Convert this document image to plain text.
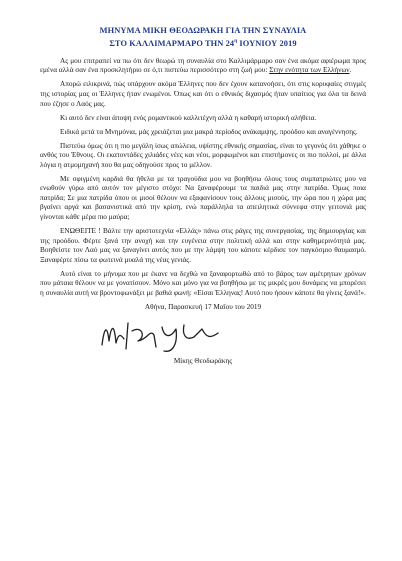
ΜΗΝΥΜΑ ΜΙΚΗ ΘΕΟΔΩΡΑΚΗ ΓΙΑ ΤΗΝ ΣΥΝΑΥΛΙΑ
ΣΤΟ ΚΑΛΛΙΜΑΡΜΑΡΟ ΤΗΝ $24^\eta$ ΙΟΥΝΙΟΥ 2019

Ας μου επιτραπεί να πω ότι δεν θεωρώ τη συναυλία στο Καλλιμάρμαρο σαν ένα ακόμα αφιέρωμα προς εμένα αλλά σαν ένα προσκλητήριο σε ό,τι πιστεύω περισσότερο στη ζωή μου: Στην ενότητα των Ελλήνων.

Απορώ ειλικρινά, πώς υπάρχουν ακόμα Έλληνες που δεν έχουν κατανοήσει, ότι στις κορυφαίες στιγμές της ιστορίας μας οι Έλληνες ήταν ενωμένοι. Όπως και ότι ο εθνικός διχασμός ήταν υπαίτιος για όλα τα δεινά που έζησε ο Λαός μας.

Κι αυτό δεν είναι άποψη ενός ρομαντικού καλλιτέχνη αλλά η καθαρή ιστορική αλήθεια.

Ειδικά μετά τα Μνημόνια, μάς χρειάζεται μια μακρά περίοδος ανάκαμψης, προόδου και αναγέννησης.

Πιστεύω όμως ότι η πιο μεγάλη ίσως απώλεια, υψίστης εθνικής σημασίας, είναι το γεγονός ότι χάθηκε ο ανθός του Έθνους. Οι εκατοντάδες χιλιάδες νέες και νέοι, μορφωμένοι και επιστήμονες οι πιο πολλοί, με άλλα λόγια η ατμομηχανή που θα μας οδηγούσε προς το μέλλον.

Με σφιγμένη καρδιά θα ήθελα με τα τραγούδια μου να βοηθήσω όλους τους συμπατριώτες μου να ενωθούν γύρω από αυτόν τον μέγιστο στόχο: Να ξαναφέρουμε τα παιδιά μας στην πατρίδα. Όμως ποια πατρίδα; Σε μια πατρίδα όπου οι μισοί θέλουν να εξαφανίσουν τους άλλους μισούς, την ώρα που η χώρα μας βγαίνει αργά και βασανιστικά από την κρίση, ενώ παράλληλα τα απειλητικά σύννεφα στην γειτονιά μας γίνονται κάθε μέρα πιο μαύρα;

ΕΝΩΘΕΙΤΕ ! Βάλτε την αριστοτεχνία «Ελλάς» πάνω στις ράγες της συνεργασίας, της δημιουργίας και της προόδου. Φέρτε ξανά την ανοχή και την ευγένεια στην πολιτική αλλά και στην καθημερινότητά μας. Βοηθείστε τον Λαό μας να ξαναγίνει αυτός που με την λάμψη του κάποτε κέρδισε τον παγκόσμιο θαυμασμό. Ξαναφέρτε πίσω τα φωτεινά μυαλά της νέας γενιάς.

Αυτό είναι το μήνυμα που με έκανε να δεχθώ να ξαναφορτωθώ από το βάρος των αμέτρητων χρόνων που μάταια θέλουν να με γονατίσουν. Μόνο και μόνο για να βοηθήσω με τις μικρές μου δυνάμεις να μπορέσει η συναυλία αυτή να βροντοφωνάξει με βαθιά φωνή: «Είσαι Έλληνας! Αυτό που ήσουν κάποτε θα γίνεις ξανά!».

Αθήνα, Παρασκευή 17 Μαΐου του 2019
Μίκης Θεοδωράκης
